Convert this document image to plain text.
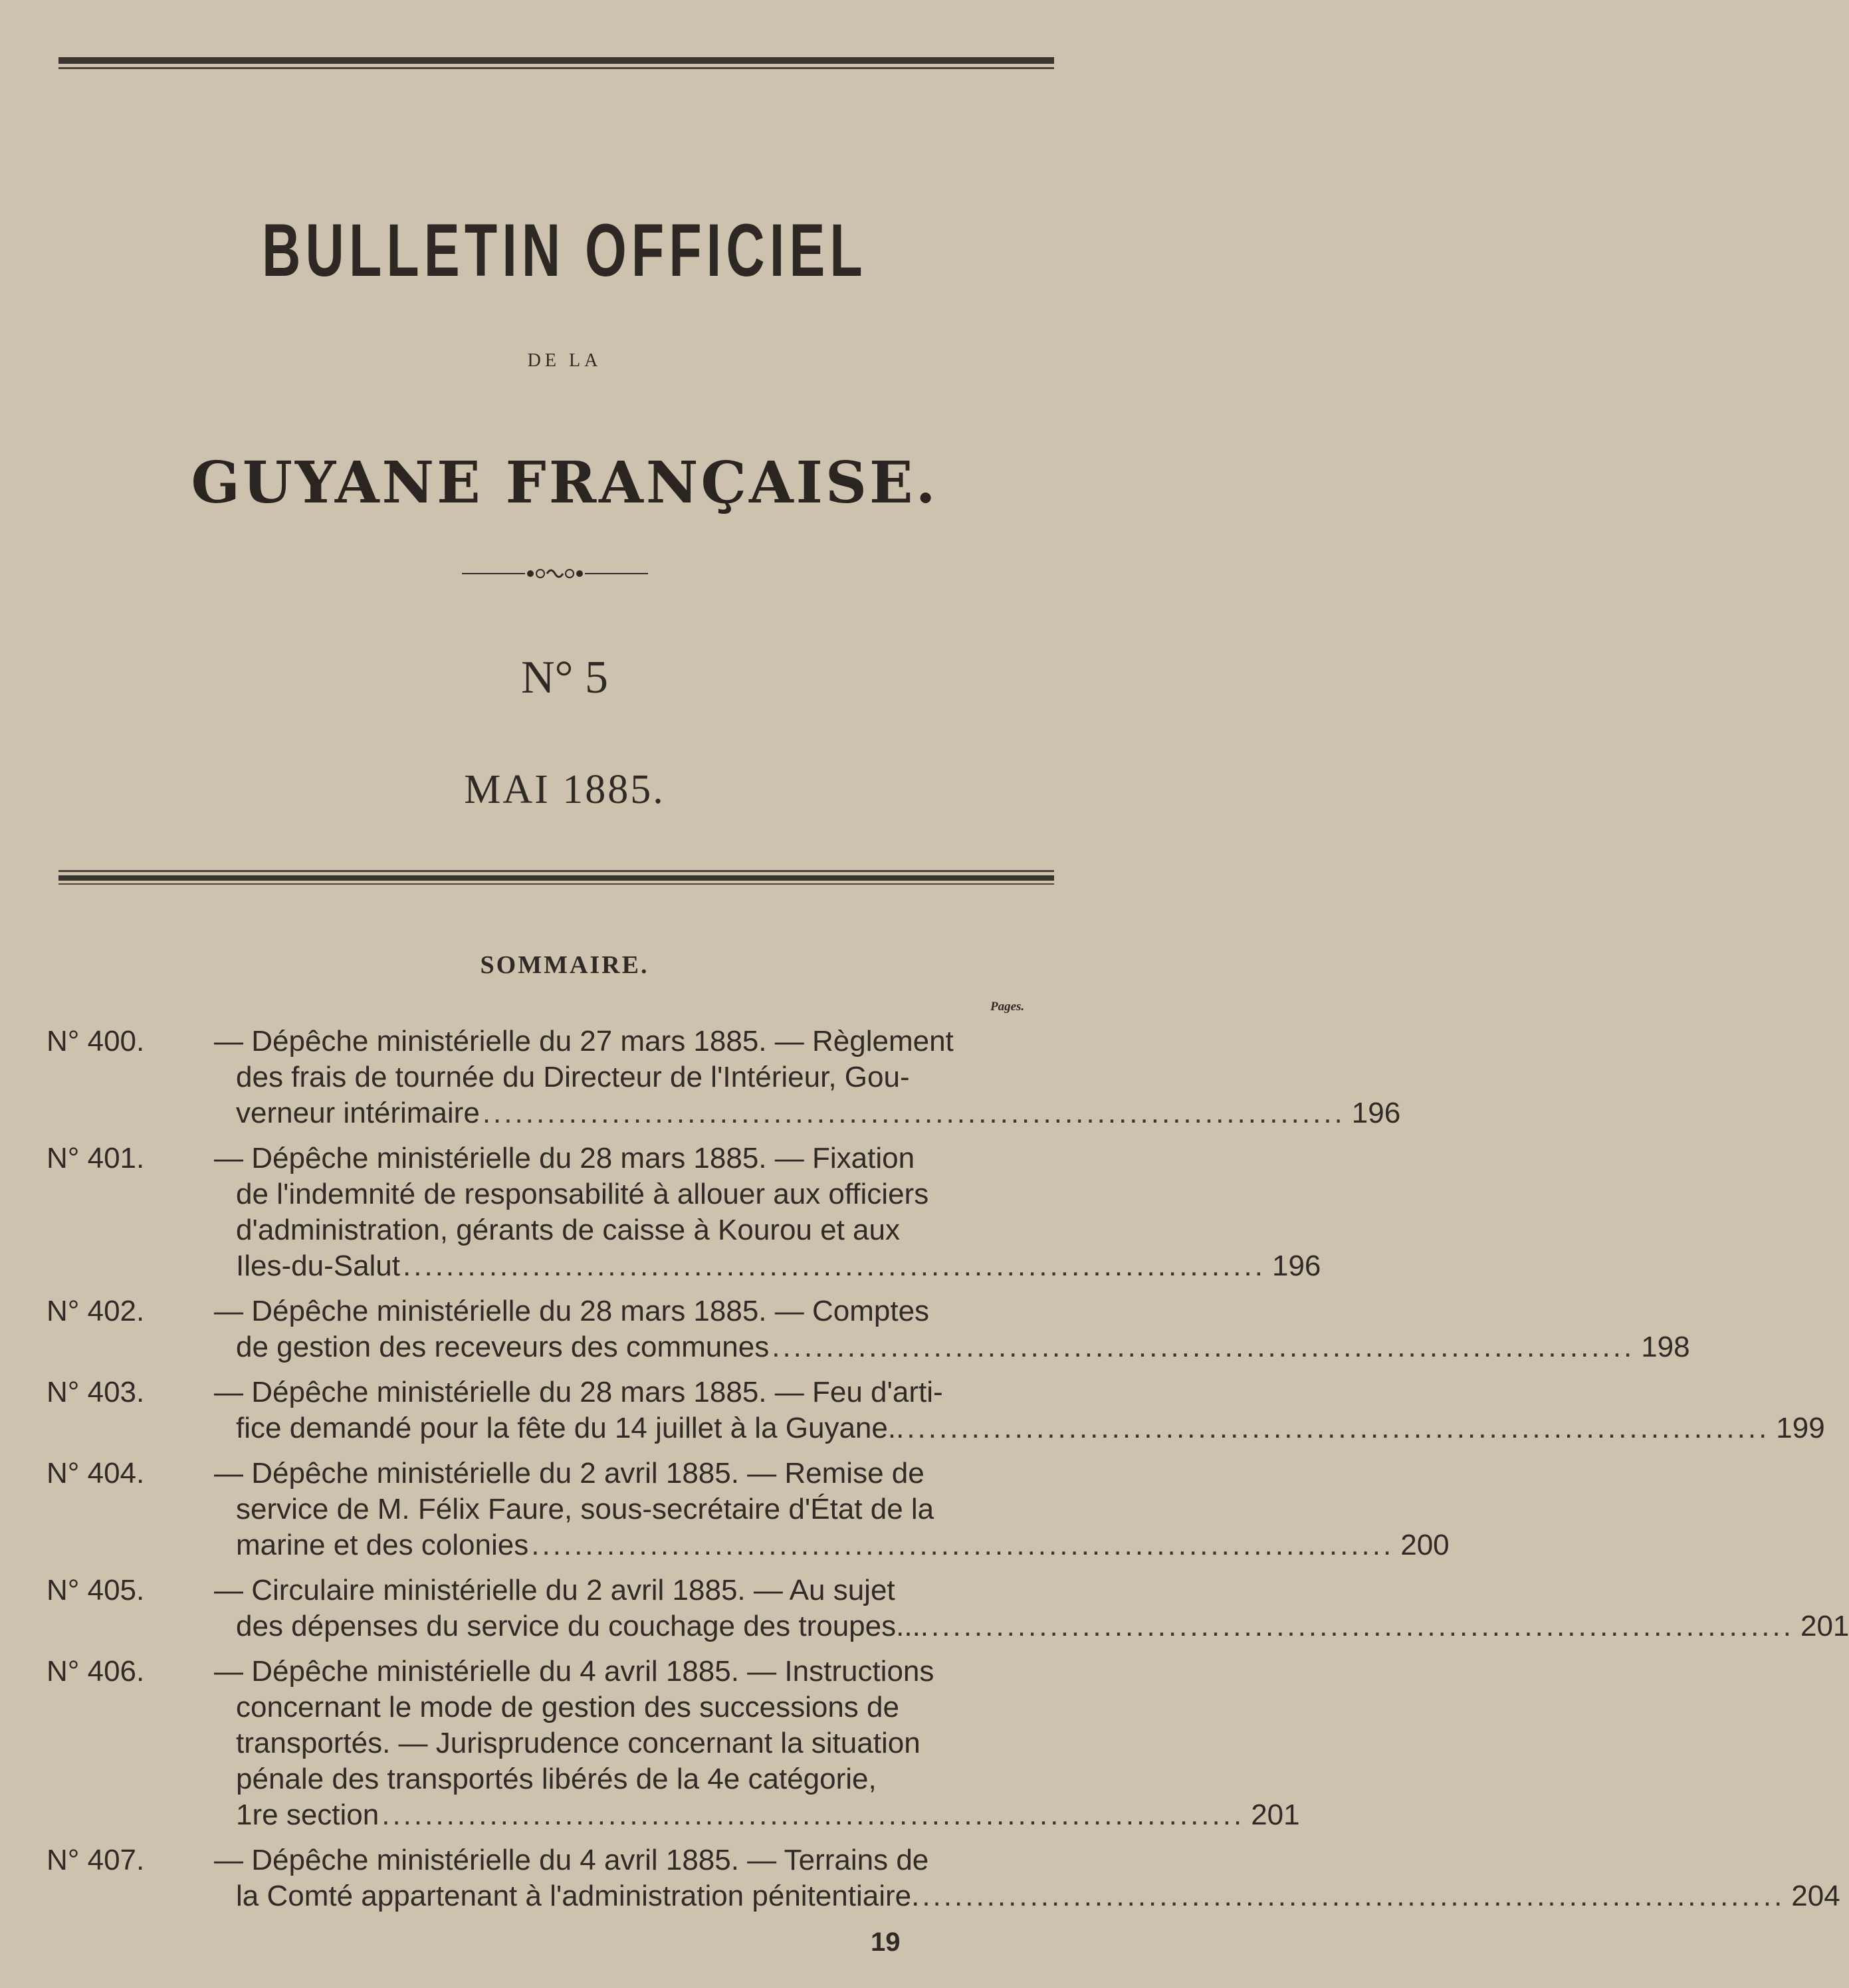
BULLETIN OFFICIEL
DE LA
GUYANE FRANÇAISE.
N° 5
MAI 1885.
SOMMAIRE.
Pages.
N° 400. — Dépêche ministérielle du 27 mars 1885. — Règlement
des frais de tournée du Directeur de l'Intérieur, Gou-
verneur intérimaire ................................................................................ 196
N° 401. — Dépêche ministérielle du 28 mars 1885. — Fixation
de l'indemnité de responsabilité à allouer aux officiers
d'administration, gérants de caisse à Kourou et aux
Iles-du-Salut ................................................................................ 196
N° 402. — Dépêche ministérielle du 28 mars 1885. — Comptes
de gestion des receveurs des communes ................................................................................ 198
N° 403. — Dépêche ministérielle du 28 mars 1885. — Feu d'arti-
fice demandé pour la fête du 14 juillet à la Guyane.. ................................................................................ 199
N° 404. — Dépêche ministérielle du 2 avril 1885. — Remise de
service de M. Félix Faure, sous-secrétaire d'État de la
marine et des colonies ................................................................................ 200
N° 405. — Circulaire ministérielle du 2 avril 1885. — Au sujet
des dépenses du service du couchage des troupes.... ................................................................................ 201
N° 406. — Dépêche ministérielle du 4 avril 1885. — Instructions
concernant le mode de gestion des successions de
transportés. — Jurisprudence concernant la situation
pénale des transportés libérés de la 4e catégorie,
1re section ................................................................................ 201
N° 407. — Dépêche ministérielle du 4 avril 1885. — Terrains de
la Comté appartenant à l'administration pénitentiaire. ................................................................................ 204
19
